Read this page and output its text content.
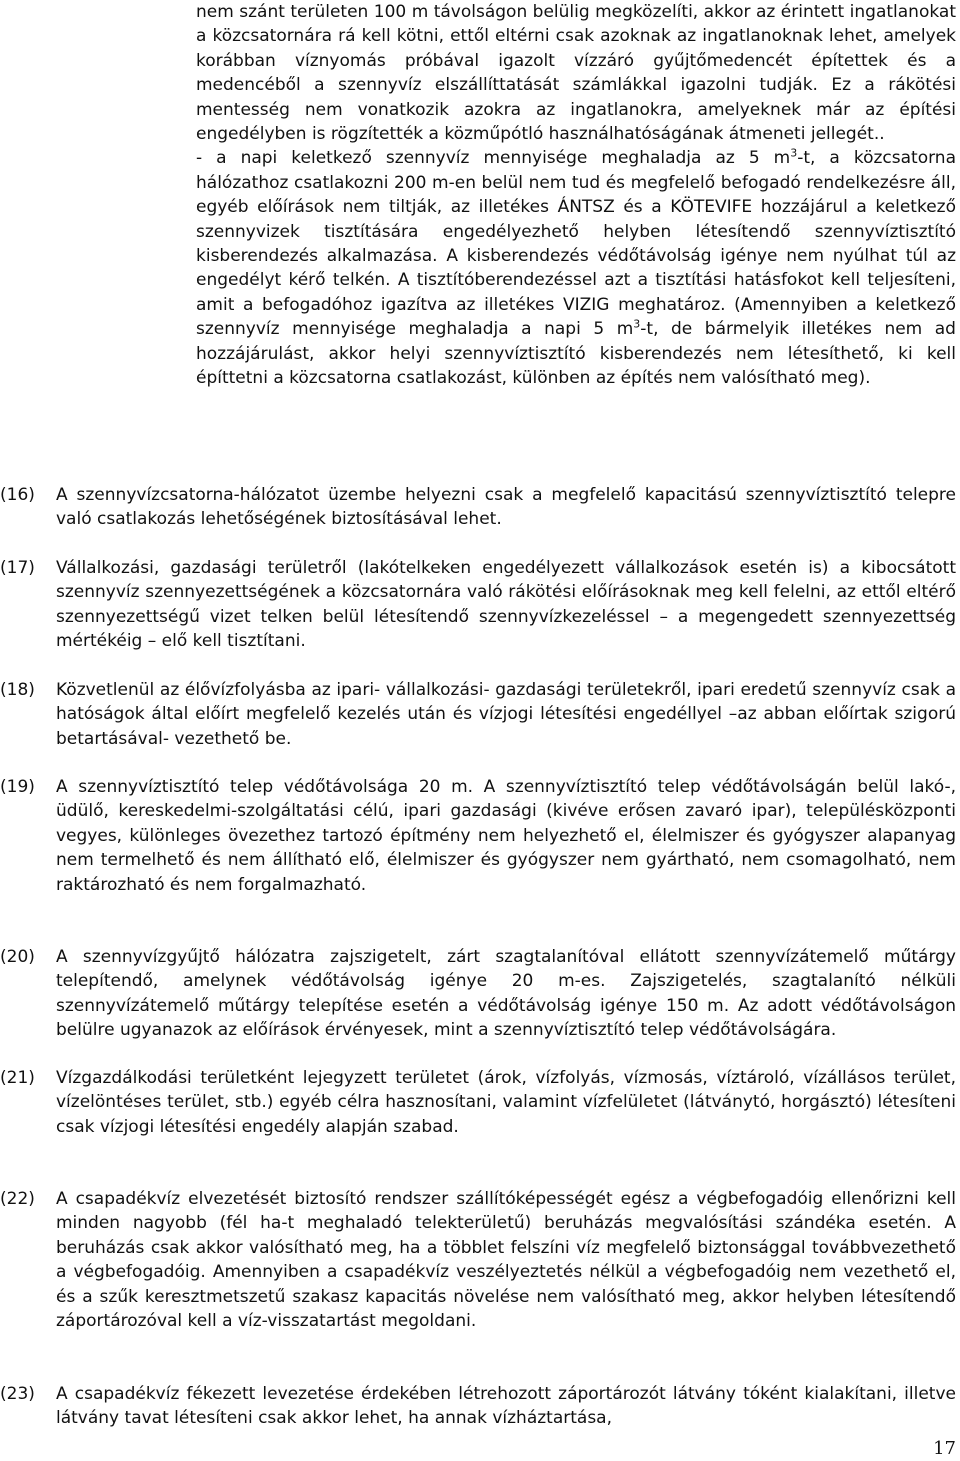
nem szánt területen 100 m távolságon belülig megközelíti, akkor az érintett ingatlanokat a közcsatornára rá kell kötni, ettől eltérni csak azoknak az ingatlanoknak lehet, amelyek korábban víznyomás próbával igazolt vízzáró gyűjtőmedencét építettek és a medencéből a szennyvíz elszállíttatását számlákkal igazolni tudják. Ez a rákötési mentesség nem vonatkozik azokra az ingatlanokra, amelyeknek már az építési engedélyben is rögzítették a közműpótló használhatóságának átmeneti jellegét..

- a napi keletkező szennyvíz mennyisége meghaladja az 5 $m^3-t$, a közcsatorna hálózathoz csatlakozni 200 m-en belül nem tud és megfelelő befogadó rendelkezésre áll, egyéb előírások nem tiltják, az illetékes ÁNTSZ és a KÖTEVIFE hozzájárul a keletkező szennyvizek tisztítására engedélyezhető helyben létesítendő szennyvíztisztító kisberendezés alkalmazása. A kisberendezés védőtávolság igénye nem nyúlhat túl az engedélyt kérő telkén. A tisztítóberendezéssel azt a tisztítási hatásfokot kell teljesíteni, amit a befogadóhoz igazítva az illetékes VIZIG meghatároz. (Amennyiben a keletkező szennyvíz mennyisége meghaladja a napi 5 $m^3-t$, de bármelyik illetékes nem ad hozzájárulást, akkor helyi szennyvíztisztító kisberendezés nem létesíthető, ki kell építtetni a közcsatorna csatlakozást, különben az építés nem valósítható meg).

(16) A szennyvízcsatorna-hálózatot üzembe helyezni csak a megfelelő kapacitású szennyvíztisztító telepre való csatlakozás lehetőségének biztosításával lehet.
(17) Vállalkozási, gazdasági területről (lakótelkeken engedélyezett vállalkozások esetén is) a kibocsátott szennyvíz szennyezettségének a közcsatornára való rákötési előírásoknak meg kell felelni, az ettől eltérő szennyezettségű vizet telken belül létesítendő szennyvízkezeléssel – a megengedett szennyezettség mértékéig – elő kell tisztítani.
(18) Közvetlenül az élővízfolyásba az ipari- vállalkozási- gazdasági területekről, ipari eredetű szennyvíz csak a hatóságok által előírt megfelelő kezelés után és vízjogi létesítési engedéllyel –az abban előírtak szigorú betartásával- vezethető be.
(19) A szennyvíztisztító telep védőtávolsága 20 m. A szennyvíztisztító telep védőtávolságán belül lakó-, üdülő, kereskedelmi-szolgáltatási célú, ipari gazdasági (kivéve erősen zavaró ipar), településközponti vegyes, különleges övezethez tartozó építmény nem helyezhető el, élelmiszer és gyógyszer alapanyag nem termelhető és nem állítható elő, élelmiszer és gyógyszer nem gyártható, nem csomagolható, nem raktározható és nem forgalmazható.
(20) A szennyvízgyűjtő hálózatra zajszigetelt, zárt szagtalanítóval ellátott szennyvízátemelő műtárgy telepítendő, amelynek védőtávolság igénye 20 m-es. Zajszigetelés, szagtalanító nélküli szennyvízátemelő műtárgy telepítése esetén a védőtávolság igénye 150 m. Az adott védőtávolságon belülre ugyanazok az előírások érvényesek, mint a szennyvíztisztító telep védőtávolságára.
(21) Vízgazdálkodási területként lejegyzett területet (árok, vízfolyás, vízmosás, víztároló, vízállásos terület, vízelöntéses terület, stb.) egyéb célra hasznosítani, valamint vízfelületet (látványtó, horgásztó) létesíteni csak vízjogi létesítési engedély alapján szabad.
(22) A csapadékvíz elvezetését biztosító rendszer szállítóképességét egész a végbefogadóig ellenőrizni kell minden nagyobb (fél ha-t meghaladó telekterületű) beruházás megvalósítási szándéka esetén. A beruházás csak akkor valósítható meg, ha a többlet felszíni víz megfelelő biztonsággal továbbvezethető a végbefogadóig. Amennyiben a csapadékvíz veszélyeztetés nélkül a végbefogadóig nem vezethető el, és a szűk keresztmetszetű szakasz kapacitás növelése nem valósítható meg, akkor helyben létesítendő záportározóval kell a víz-visszatartást megoldani.
(23) A csapadékvíz fékezett levezetése érdekében létrehozott záportározót látvány tóként kialakítani, illetve látvány tavat létesíteni csak akkor lehet, ha annak vízháztartása,
17
